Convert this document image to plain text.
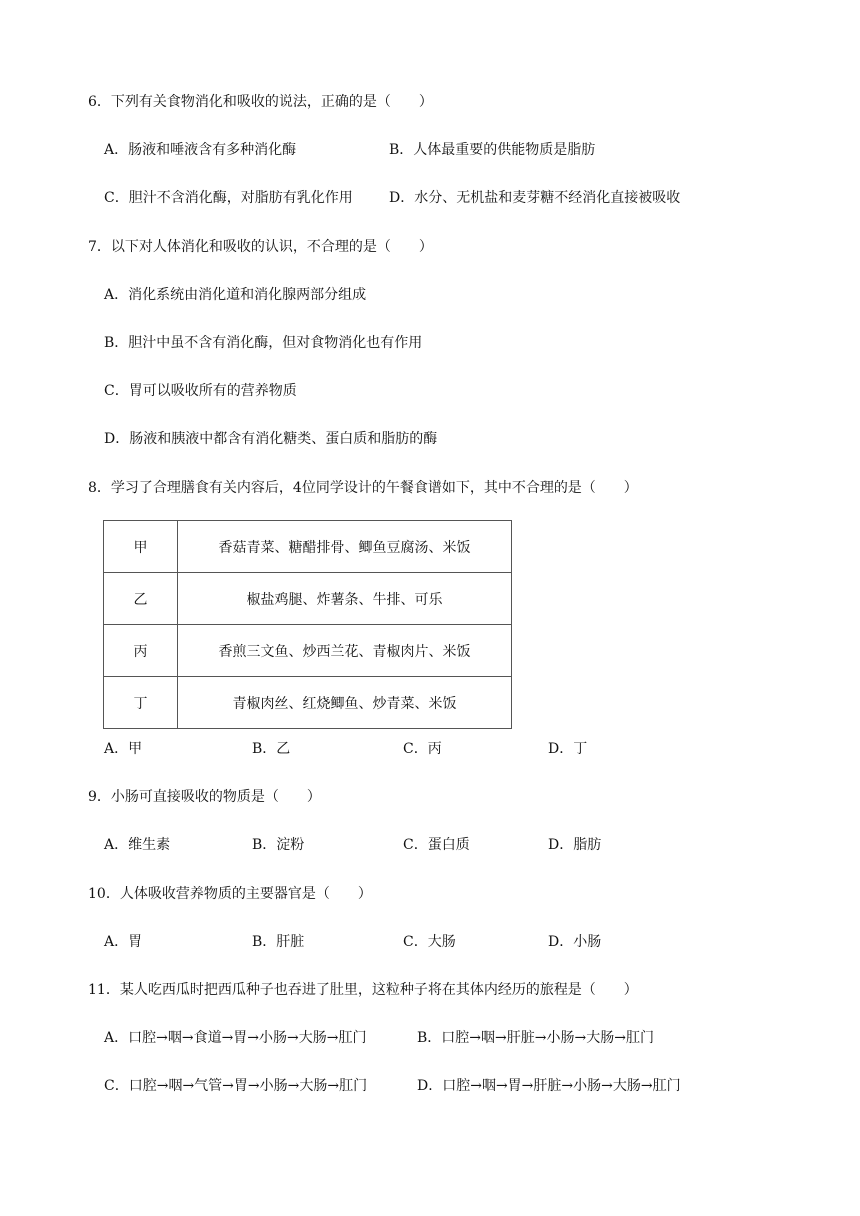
6．下列有关食物消化和吸收的说法，正确的是（　　）
A．肠液和唾液含有多种消化酶	B．人体最重要的供能物质是脂肪
C．胆汁不含消化酶，对脂肪有乳化作用	D．水分、无机盐和麦芽糖不经消化直接被吸收
7．以下对人体消化和吸收的认识，不合理的是（　　）
A．消化系统由消化道和消化腺两部分组成
B．胆汁中虽不含有消化酶，但对食物消化也有作用
C．胃可以吸收所有的营养物质
D．肠液和胰液中都含有消化糖类、蛋白质和脂肪的酶
8．学习了合理膳食有关内容后，4位同学设计的午餐食谱如下，其中不合理的是（　　）
甲	香菇青菜、糖醋排骨、鲫鱼豆腐汤、米饭
乙	椒盐鸡腿、炸薯条、牛排、可乐
丙	香煎三文鱼、炒西兰花、青椒肉片、米饭
丁	青椒肉丝、红烧鲫鱼、炒青菜、米饭
A．甲	B．乙	C．丙	D．丁
9．小肠可直接吸收的物质是（　　）
A．维生素	B．淀粉	C．蛋白质	D．脂肪
10．人体吸收营养物质的主要器官是（　　）
A．胃	B．肝脏	C．大肠	D．小肠
11．某人吃西瓜时把西瓜种子也吞进了肚里，这粒种子将在其体内经历的旅程是（　　）
A．口腔→咽→食道→胃→小肠→大肠→肛门	B．口腔→咽→肝脏→小肠→大肠→肛门
C．口腔→咽→气管→胃→小肠→大肠→肛门	D．口腔→咽→胃→肝脏→小肠→大肠→肛门
